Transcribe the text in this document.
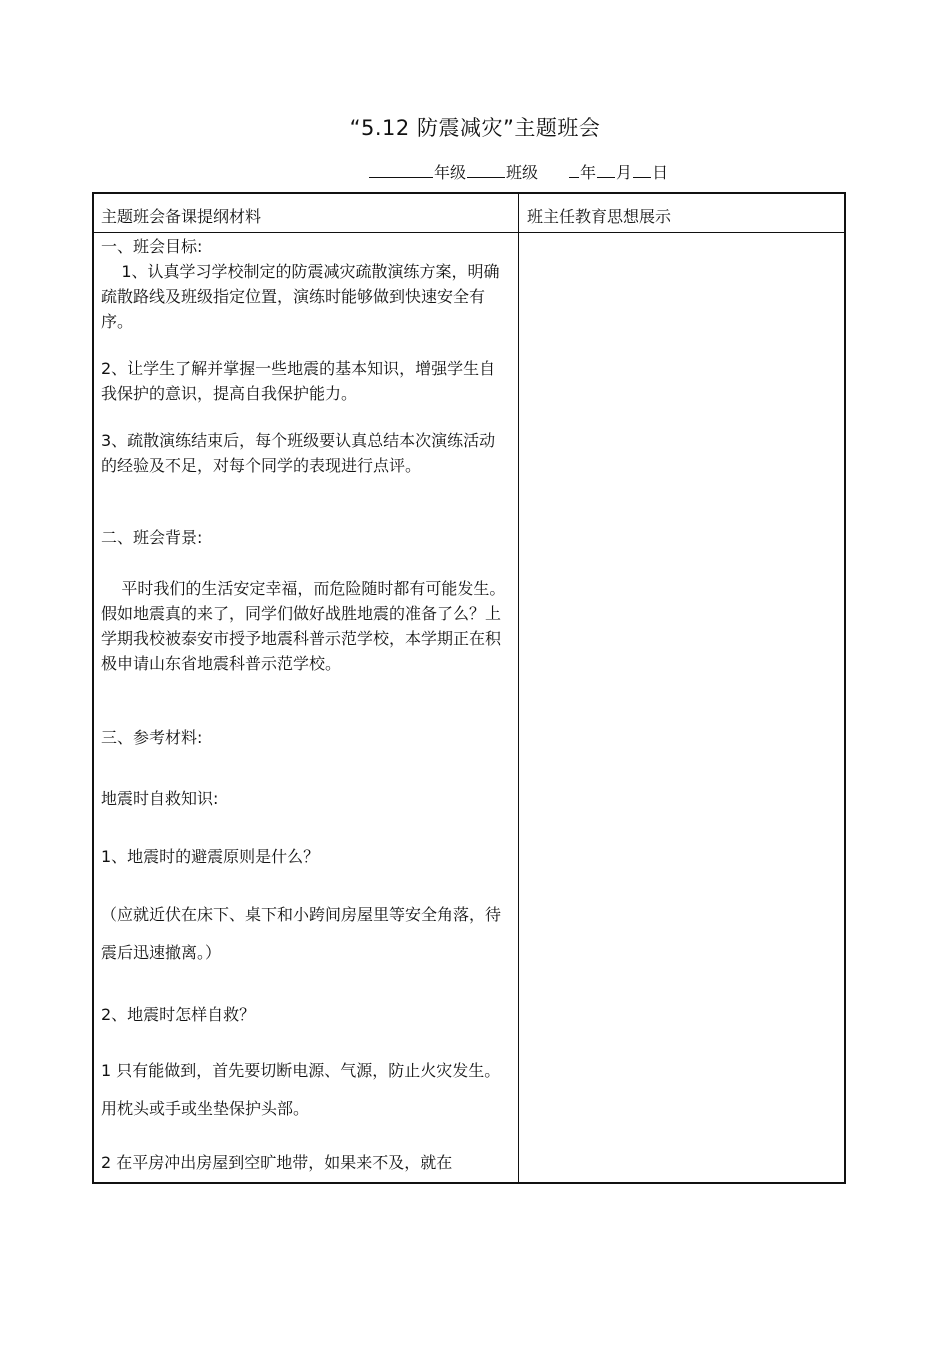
“5.12 防震减灾”主题班会
年级	班级	年 月 日
主题班会备课提纲材料	班主任教育思想展示
一、班会目标:
1、认真学习学校制定的防震减灾疏散演练方案，明确疏散路线及班级指定位置，演练时能够做到快速安全有序。
2、让学生了解并掌握一些地震的基本知识，增强学生自我保护的意识，提高自我保护能力。
3、疏散演练结束后，每个班级要认真总结本次演练活动的经验及不足，对每个同学的表现进行点评。
二、班会背景:
平时我们的生活安定幸福，而危险随时都有可能发生。假如地震真的来了，同学们做好战胜地震的准备了么？上学期我校被泰安市授予地震科普示范学校，本学期正在积极申请山东省地震科普示范学校。
三、参考材料:
地震时自救知识:
1、地震时的避震原则是什么？
（应就近伏在床下、桌下和小跨间房屋里等安全角落，待震后迅速撤离。）
2、地震时怎样自救？
1 只有能做到，首先要切断电源、气源，防止火灾发生。用枕头或手或坐垫保护头部。
2 在平房冲出房屋到空旷地带，如果来不及，就在
